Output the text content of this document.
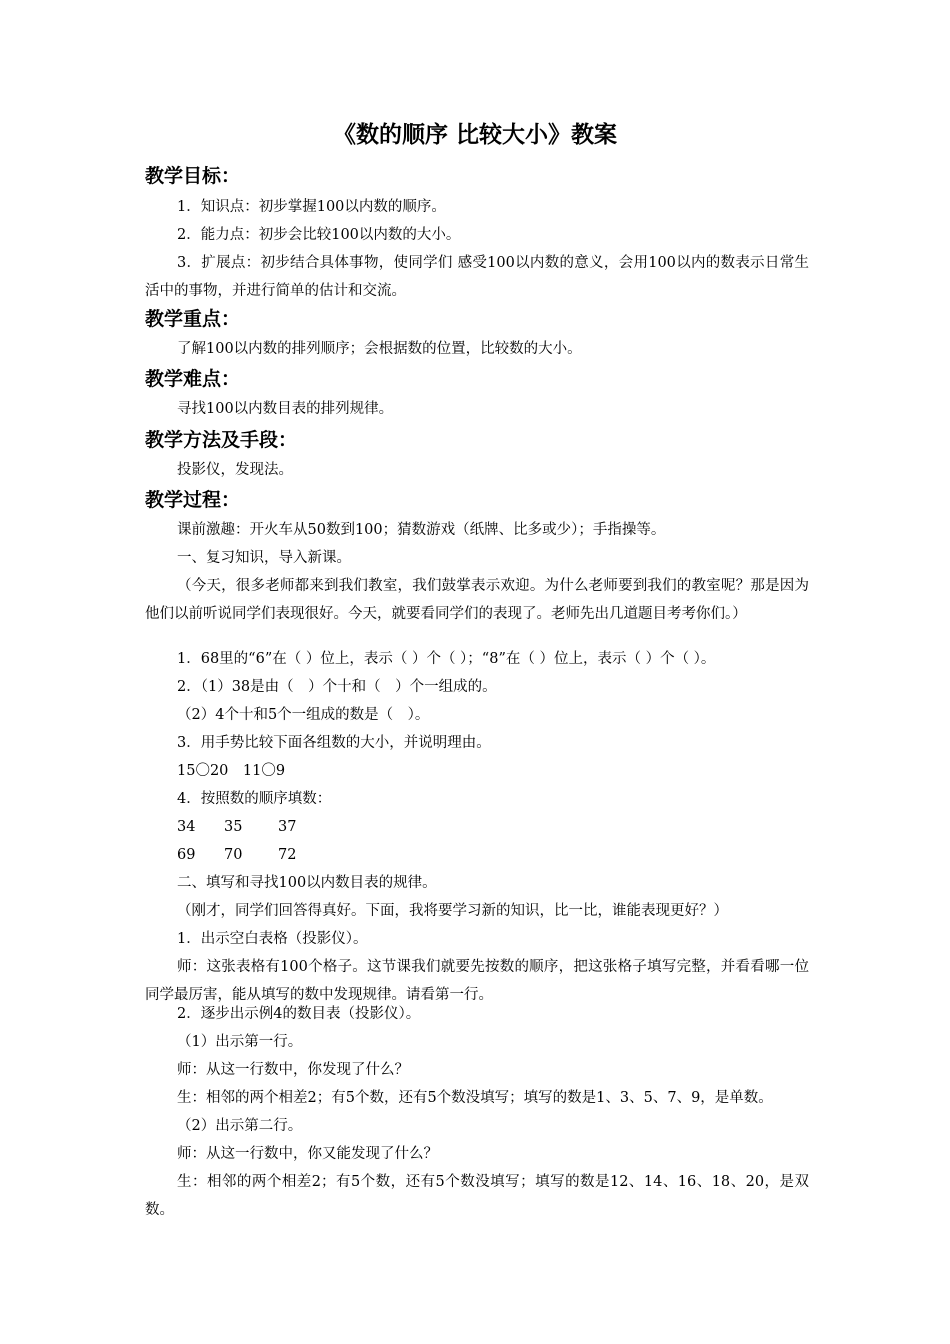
《数的顺序 比较大小》教案
教学目标：
1．知识点：初步掌握100以内数的顺序。
2．能力点：初步会比较100以内数的大小。
3．扩展点：初步结合具体事物，使同学们 感受100以内数的意义，会用100以内的数表示日常生活中的事物，并进行简单的估计和交流。
教学重点：
了解100以内数的排列顺序；会根据数的位置，比较数的大小。
教学难点：
寻找100以内数目表的排列规律。
教学方法及手段：
投影仪，发现法。
教学过程：
课前激趣：开火车从50数到100；猜数游戏（纸牌、比多或少）；手指操等。
一、复习知识，导入新课。
（今天，很多老师都来到我们教室，我们鼓掌表示欢迎。为什么老师要到我们的教室呢？那是因为他们以前听说同学们表现很好。今天，就要看同学们的表现了。老师先出几道题目考考你们。）
1．68里的“6”在（ ）位上，表示（ ）个（ ）；“8”在（ ）位上，表示（ ）个（ ）。
2．（1）38是由（　）个十和（　）个一组成的。
（2）4个十和5个一组成的数是（　）。
3．用手势比较下面各组数的大小，并说明理由。
15〇20　11〇9
4．按照数的顺序填数：
34 35 37
69 70 72
二、填写和寻找100以内数目表的规律。
（刚才，同学们回答得真好。下面，我将要学习新的知识，比一比，谁能表现更好？）
1．出示空白表格（投影仪）。
师：这张表格有100个格子。这节课我们就要先按数的顺序，把这张格子填写完整，并看看哪一位同学最厉害，能从填写的数中发现规律。请看第一行。
2．逐步出示例4的数目表（投影仪）。
（1）出示第一行。
师：从这一行数中，你发现了什么？
生：相邻的两个相差2；有5个数，还有5个数没填写；填写的数是1、3、5、7、9，是单数。
（2）出示第二行。
师：从这一行数中，你又能发现了什么？
生：相邻的两个相差2；有5个数，还有5个数没填写；填写的数是12、14、16、18、20，是双数。
